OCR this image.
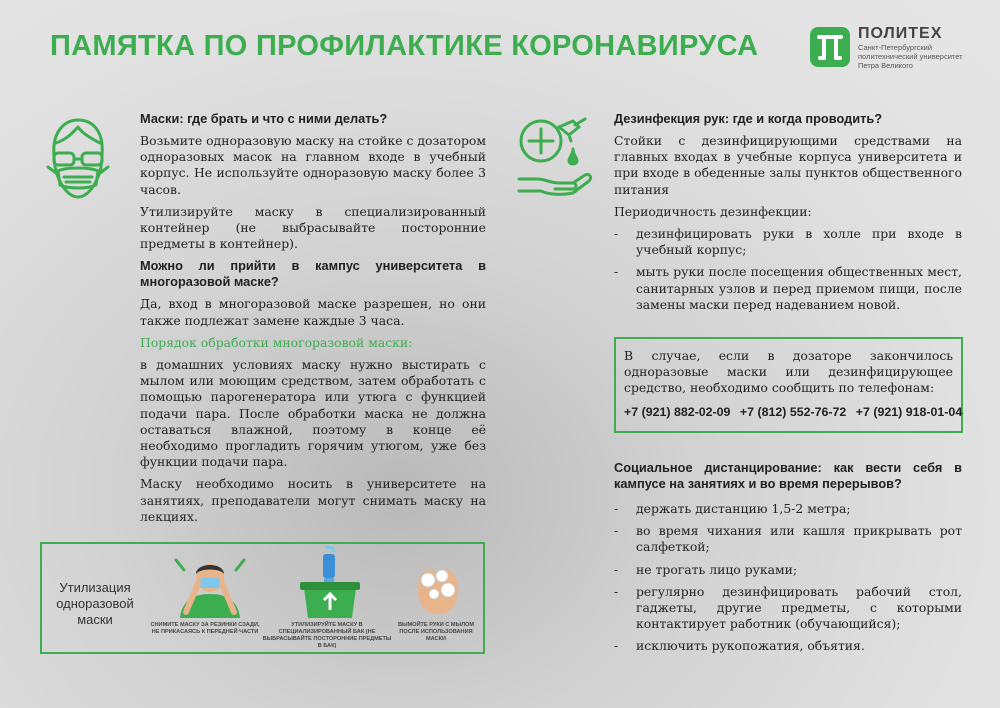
ПАМЯТКА ПО ПРОФИЛАКТИКЕ КОРОНАВИРУСА	ПОЛИТЕХ
Санкт-Петербургский
политехнический университет
Петра Великого
Маски: где брать и что с ними делать?

Возьмите одноразовую маску на стойке с дозатором одноразовых масок на главном входе в учебный корпус. Не используйте одноразовую маску более 3 часов.

Утилизируйте маску в специализированный контейнер (не выбрасывайте посторонние предметы в контейнер).

Можно ли прийти в кампус университета в многоразовой маске?

Да, вход в многоразовой маске разрешен, но они также подлежат замене каждые 3 часа.

Порядок обработки многоразовой маски:

в домашних условиях маску нужно выстирать с мылом или моющим средством, затем обработать с помощью парогенератора или утюга с функцией подачи пара. После обработки маска не должна оставаться влажной, поэтому в конце её необходимо прогладить горячим утюгом, уже без функции подачи пара.

Маску необходимо носить в университете на занятиях, преподаватели могут снимать маску на лекциях.

Утилизация одноразовой маски	СНИМИТЕ МАСКУ ЗА РЕЗИНКИ СЗАДИ, НЕ ПРИКАСАЯСЬ К ПЕРЕДНЕЙ ЧАСТИ
УТИЛИЗИРУЙТЕ МАСКУ В СПЕЦИАЛИЗИРОВАННЫЙ БАК (НЕ ВЫБРАСЫВАЙТЕ ПОСТОРОННИЕ ПРЕДМЕТЫ В БАК)
ВЫМОЙТЕ РУКИ С МЫЛОМ ПОСЛЕ ИСПОЛЬЗОВАНИЯ МАСКИ
Дезинфекция рук: где и когда проводить?

Стойки с дезинфицирующими средствами на главных входах в учебные корпуса университета и при входе в обеденные залы пунктов общественного питания

Периодичность дезинфекции:

- дезинфицировать руки в холле при входе в учебный корпус;
- мыть руки после посещения общественных мест, санитарных узлов и перед приемом пищи, после замены маски перед надеванием новой.
В случае, если в дозаторе закончилось одноразовые маски или дезинфицирующее средство, необходимо сообщить по телефонам:
+7 (921) 882-02-09 +7 (812) 552-76-72 +7 (921) 918-01-04
Социальное дистанцирование: как вести себя в кампусе на занятиях и во время перерывов?
- держать дистанцию 1,5-2 метра;
- во время чихания или кашля прикрывать рот салфеткой;
- не трогать лицо руками;
- регулярно дезинфицировать рабочий стол, гаджеты, другие предметы, с которыми контактирует работник (обучающийся);
- исключить рукопожатия, объятия.
